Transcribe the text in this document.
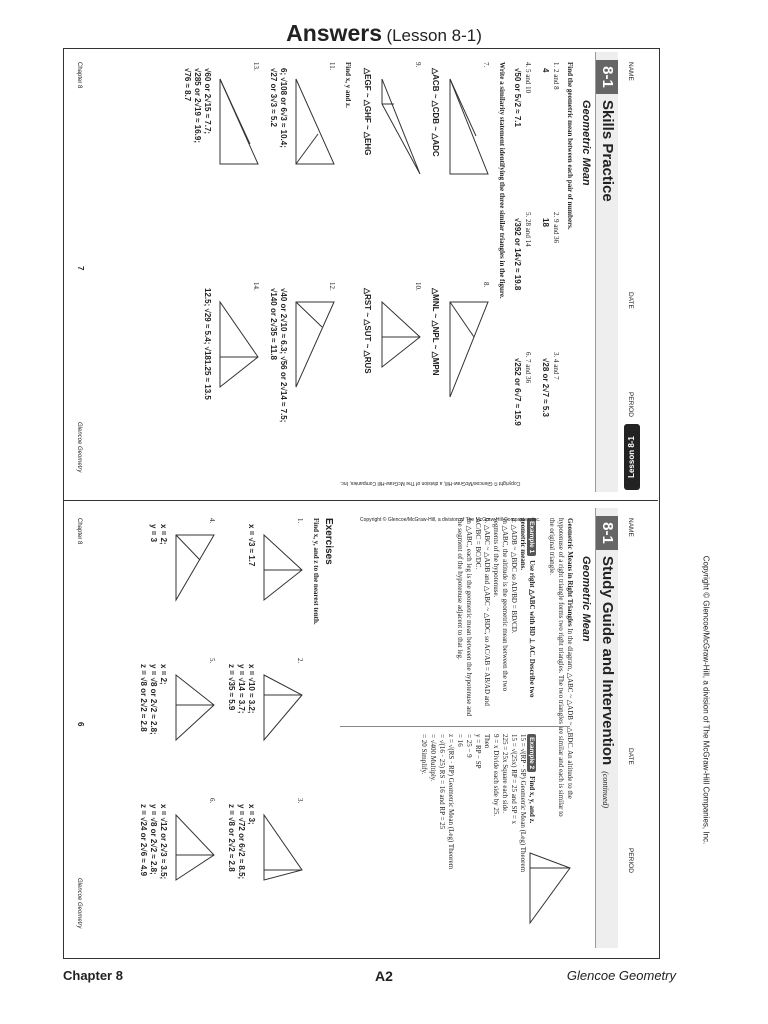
Answers (Lesson 8-1)
NAME
DATE
PERIOD
Lesson 8-1
8-1
Skills Practice
Geometric Mean
Find the geometric mean between each pair of numbers.
1. 2 and 8
4
2. 9 and 36
18
3. 4 and 7
√28 or 2√7 ≈ 5.3
4. 5 and 10
√50 or 5√2 ≈ 7.1
5. 28 and 14
√392 or 14√2 ≈ 19.8
6. 7 and 36
√252 or 6√7 ≈ 15.9
Write a similarity statement identifying the three similar triangles in the figure.
7.
△ACB ~ △CDB ~ △ADC
8.
△MNL ~ △NPL ~ △MPN
9.
△EGF ~ △GHF ~ △EHG
10.
△RST ~ △SUT ~ △RUS
Find x, y and z.
11.
6; √108 or 6√3 ≈ 10.4;
√27 or 3√3 ≈ 5.2
12.
√40 or 2√10 ≈ 6.3; √56 or 2√14 ≈ 7.5;
√140 or 2√35 ≈ 11.8
13.
√60 or 2√15 ≈ 7.7;
√285 or 2√19 ≈ 16.9;
√76 ≈ 8.7
14.
12.5; √29 ≈ 5.4; √181.25 ≈ 13.5
Chapter 8
7
Glencoe Geometry
Copyright © Glencoe/McGraw-Hill, a division of The McGraw-Hill Companies, Inc.
NAME
DATE
PERIOD
8-1
Study Guide and Intervention(continued)
Geometric Mean
Geometric Means in Right Triangles In the diagram, △ABC ~ △ADB ~ △BDC. An altitude to the hypotenuse of a right triangle forms two right triangles. The two triangles are similar and each is similar to the original triangle.
Example 1Use right △ABC with BD ⊥ AC. Describe two geometric means.
a. △ADB ~ △BDC so AD/BD = BD/CD.
In △ABC, the altitude is the geometric mean between the two segments of the hypotenuse.
b. △ABC ~ △ADB and △ABC ~ △BDC, so AC/AB = AB/AD and AC/BC = BC/DC.
In △ABC, each leg is the geometric mean between the hypotenuse and the segment of the hypotenuse adjacent to that leg.
Example 2Find x, y, and z.
15 = √(RP · SP) Geometric Mean (Leg) Theorem
15 = √(25x) RP = 25 and SP = x
225 = 25x Square each side.
9 = x Divide each side by 25.
Then
y = RP − SP
= 25 − 9
= 16
z = √(RS · RP) Geometric Mean (Leg) Theorem
= √(16 · 25) RS = 16 and RP = 25
= √400 Multiply.
= 20 Simplify.
Exercises
Find x, y, and z to the nearest tenth.
1.
x = √3 ≈ 1.7
2.
x = √10 ≈ 3.2;
y = √14 ≈ 3.7;
z = √35 ≈ 5.9
3.
x = 3;
y = √72 or 6√2 ≈ 8.5;
z = √8 or 2√2 ≈ 2.8
4.
x = 2;
y = 3
5.
x = 2;
y = √8 or 2√2 ≈ 2.8;
z = √8 or 2√2 ≈ 2.8
6.
x = √12 or 2√3 ≈ 3.5;
y = √8 or 2√2 ≈ 2.8;
z = √24 or 2√6 ≈ 4.9
Chapter 8
6
Glencoe Geometry
Copyright © Glencoe/McGraw-Hill, a division of The McGraw-Hill Companies, Inc.
Copyright © Glencoe/McGraw-Hill, a division of The McGraw-Hill Companies, Inc.
Chapter 8	A2	Glencoe Geometry
